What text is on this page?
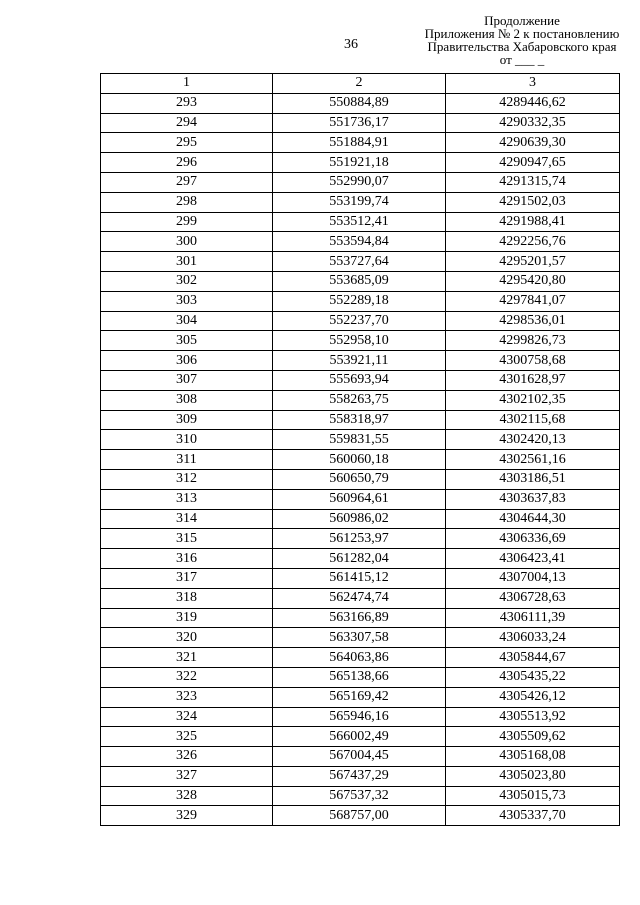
36
Продолжение
Приложения № 2 к постановлению
Правительства Хабаровского края
от ___ _
1	2	3
293	550884,89	4289446,62
294	551736,17	4290332,35
295	551884,91	4290639,30
296	551921,18	4290947,65
297	552990,07	4291315,74
298	553199,74	4291502,03
299	553512,41	4291988,41
300	553594,84	4292256,76
301	553727,64	4295201,57
302	553685,09	4295420,80
303	552289,18	4297841,07
304	552237,70	4298536,01
305	552958,10	4299826,73
306	553921,11	4300758,68
307	555693,94	4301628,97
308	558263,75	4302102,35
309	558318,97	4302115,68
310	559831,55	4302420,13
311	560060,18	4302561,16
312	560650,79	4303186,51
313	560964,61	4303637,83
314	560986,02	4304644,30
315	561253,97	4306336,69
316	561282,04	4306423,41
317	561415,12	4307004,13
318	562474,74	4306728,63
319	563166,89	4306111,39
320	563307,58	4306033,24
321	564063,86	4305844,67
322	565138,66	4305435,22
323	565169,42	4305426,12
324	565946,16	4305513,92
325	566002,49	4305509,62
326	567004,45	4305168,08
327	567437,29	4305023,80
328	567537,32	4305015,73
329	568757,00	4305337,70
